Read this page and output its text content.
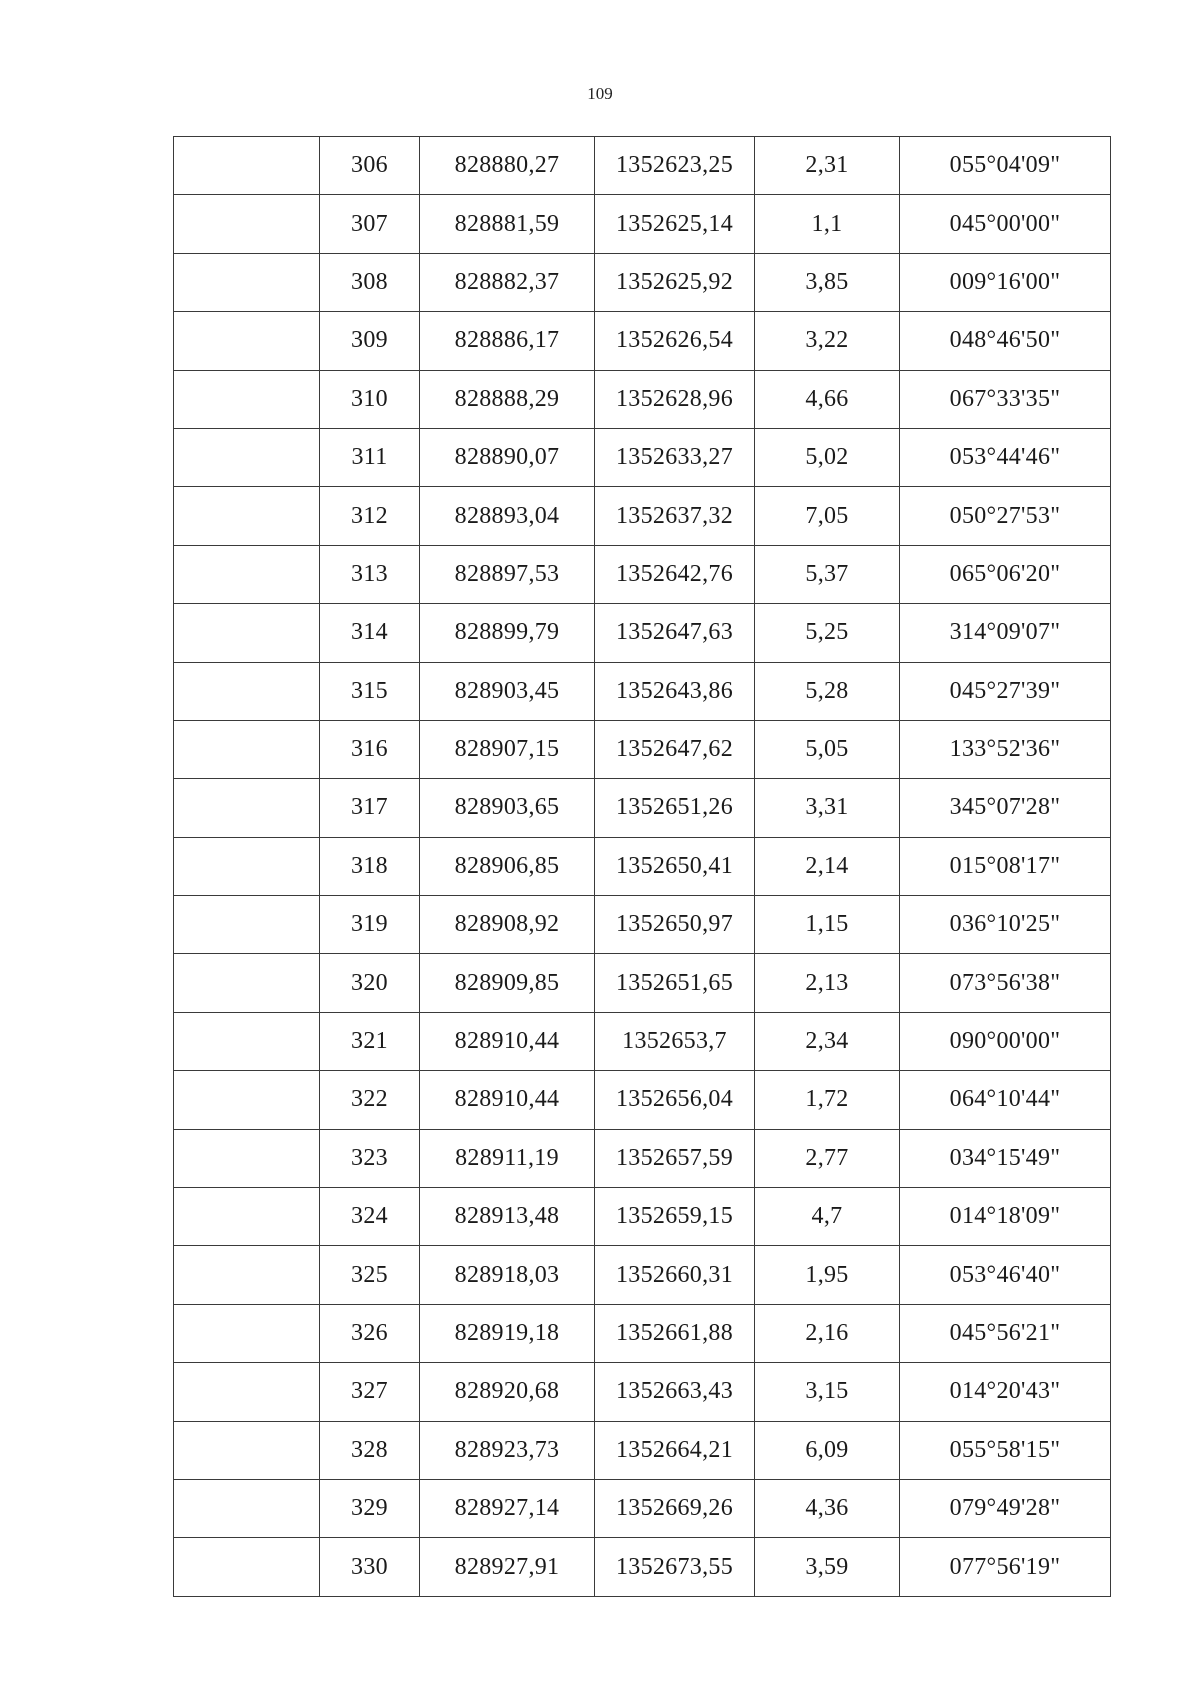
109
	306	828880,27	1352623,25	2,31	055°04'09"
	307	828881,59	1352625,14	1,1	045°00'00"
	308	828882,37	1352625,92	3,85	009°16'00"
	309	828886,17	1352626,54	3,22	048°46'50"
	310	828888,29	1352628,96	4,66	067°33'35"
	311	828890,07	1352633,27	5,02	053°44'46"
	312	828893,04	1352637,32	7,05	050°27'53"
	313	828897,53	1352642,76	5,37	065°06'20"
	314	828899,79	1352647,63	5,25	314°09'07"
	315	828903,45	1352643,86	5,28	045°27'39"
	316	828907,15	1352647,62	5,05	133°52'36"
	317	828903,65	1352651,26	3,31	345°07'28"
	318	828906,85	1352650,41	2,14	015°08'17"
	319	828908,92	1352650,97	1,15	036°10'25"
	320	828909,85	1352651,65	2,13	073°56'38"
	321	828910,44	1352653,7	2,34	090°00'00"
	322	828910,44	1352656,04	1,72	064°10'44"
	323	828911,19	1352657,59	2,77	034°15'49"
	324	828913,48	1352659,15	4,7	014°18'09"
	325	828918,03	1352660,31	1,95	053°46'40"
	326	828919,18	1352661,88	2,16	045°56'21"
	327	828920,68	1352663,43	3,15	014°20'43"
	328	828923,73	1352664,21	6,09	055°58'15"
	329	828927,14	1352669,26	4,36	079°49'28"
	330	828927,91	1352673,55	3,59	077°56'19"
